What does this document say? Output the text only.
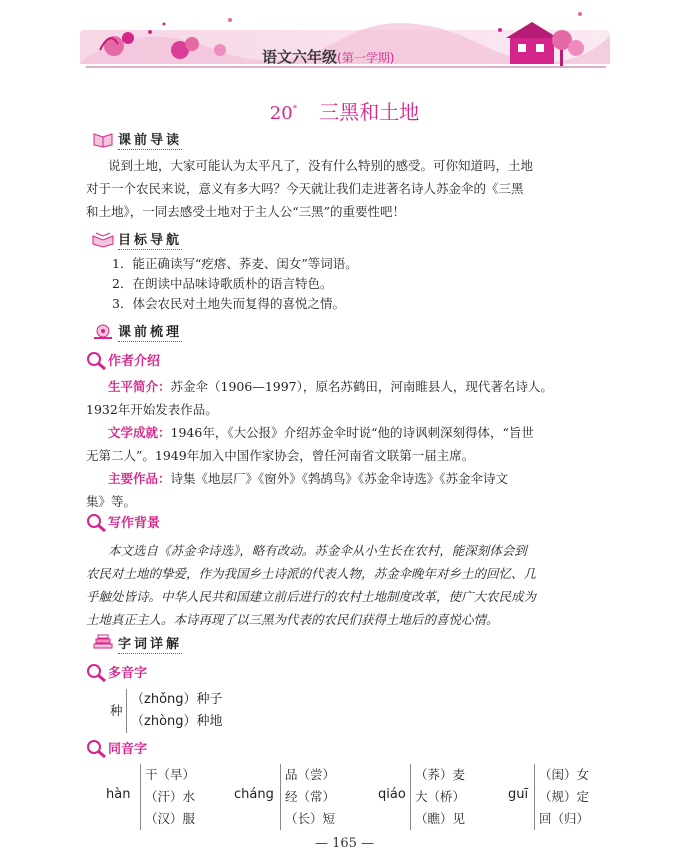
语文六年级(第一学期)
20* 三黑和土地
课前导读

说到土地，大家可能认为太平凡了，没有什么特别的感受。可你知道吗，土地

对于一个农民来说，意义有多大吗？今天就让我们走进著名诗人苏金伞的《三黑

和土地》，一同去感受土地对于主人公“三黑”的重要性吧！

目标导航
1．能正确读写“疙瘩、荞麦、闺女”等词语。
2．在朗读中品味诗歌质朴的语言特色。
3．体会农民对土地失而复得的喜悦之情。
课前梳理
作者介绍

生平简介：苏金伞（1906—1997），原名苏鹤田，河南睢县人，现代著名诗人。

1932年开始发表作品。

文学成就：1946年，《大公报》介绍苏金伞时说“他的诗讽刺深刻得体，“旨世

无第二人”。1949年加入中国作家协会，曾任河南省文联第一届主席。

主要作品：诗集《地层厂》《窗外》《鹁鸪鸟》《苏金伞诗选》《苏金伞诗文

集》等。

写作背景

本文选自《苏金伞诗选》，略有改动。苏金伞从小生长在农村，能深刻体会到

农民对土地的挚爱，作为我国乡土诗派的代表人物，苏金伞晚年对乡土的回忆、几

乎触处皆诗。中华人民共和国建立前后进行的农村土地制度改革，使广大农民成为

土地真正主人。本诗再现了以三黑为代表的农民们获得土地后的喜悦心情。

字词详解
多音字
种
（zhǒng）种子
（zhòng）种地
同音字
hàn
干（旱）
（汗）水
（汉）服
cháng
品（尝）
经（常）
（长）短
qiáo
（荞）麦
大（桥）
（瞧）见
guī
（闺）女
（规）定
回（归）
— 165 —
